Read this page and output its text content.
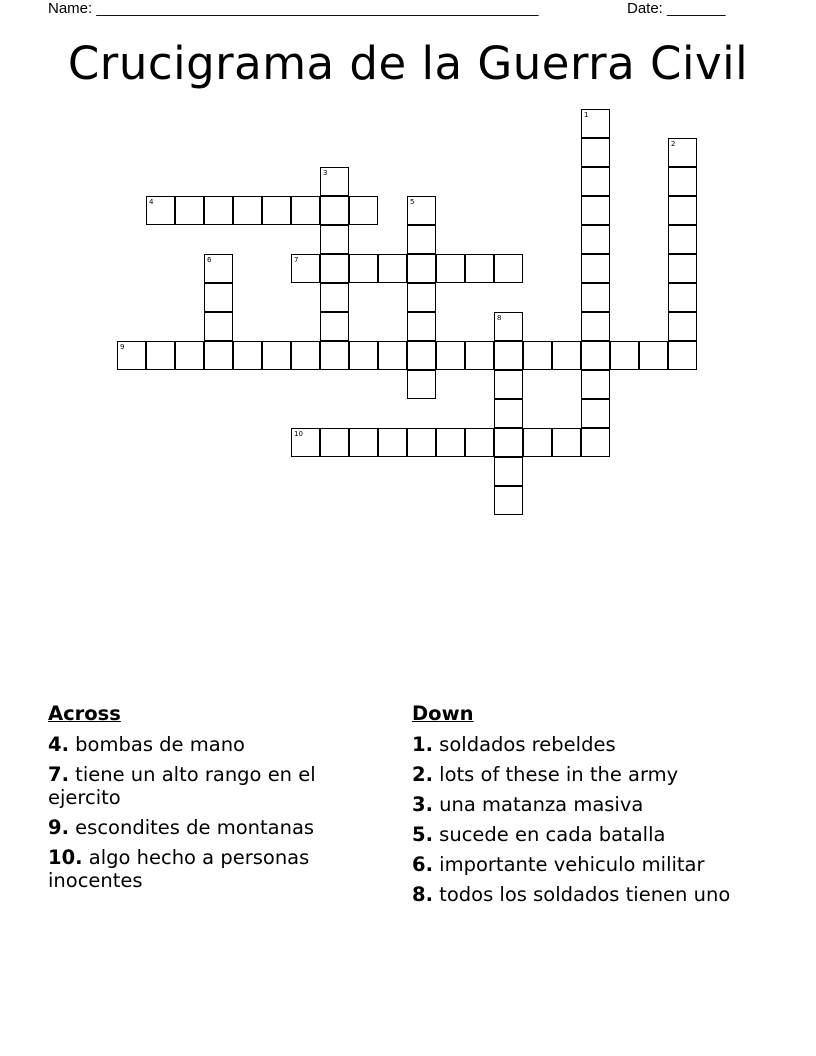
Name: _____________________________________________________	Date: _______
Crucigrama de la Guerra Civil
1
2
3
4	5
6	7
8
9
10
Across
4. bombas de mano
7. tiene un alto rango en el ejercito
9. escondites de montanas
10. algo hecho a personas inocentes
Down
1. soldados rebeldes
2. lots of these in the army
3. una matanza masiva
5. sucede en cada batalla
6. importante vehiculo militar
8. todos los soldados tienen uno
